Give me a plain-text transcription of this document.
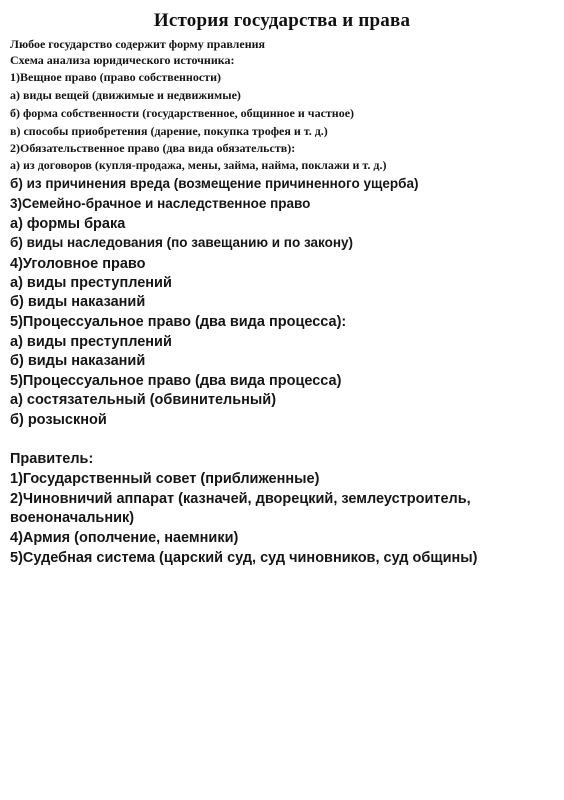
История государства и права
Любое государство содержит форму правления
Схема анализа юридического источника:
1)Вещное право (право собственности)
а) виды вещей (движимые и недвижимые)
б) форма собственности (государственное, общинное и частное)
в) способы приобретения (дарение, покупка трофея и т. д.)
2)Обязательственное право (два вида обязательств):
а) из договоров (купля-продажа, мены, займа, найма, поклажи и т. д.)
б) из причинения вреда (возмещение причиненного ущерба)
3)Семейно-брачное и наследственное право
а) формы брака
б) виды наследования (по завещанию и по закону)
4)Уголовное право
а) виды преступлений
б) виды наказаний
5)Процессуальное право (два вида процесса):
а) виды преступлений
б) виды наказаний
5)Процессуальное право (два вида процесса)
а) состязательный (обвинительный)
б) розыскной
Правитель:
1)Государственный совет (приближенные)
2)Чиновничий аппарат (казначей, дворецкий, землеустроитель,
военоначальник)
4)Армия (ополчение, наемники)
5)Судебная система (царский суд, суд чиновников, суд общины)
